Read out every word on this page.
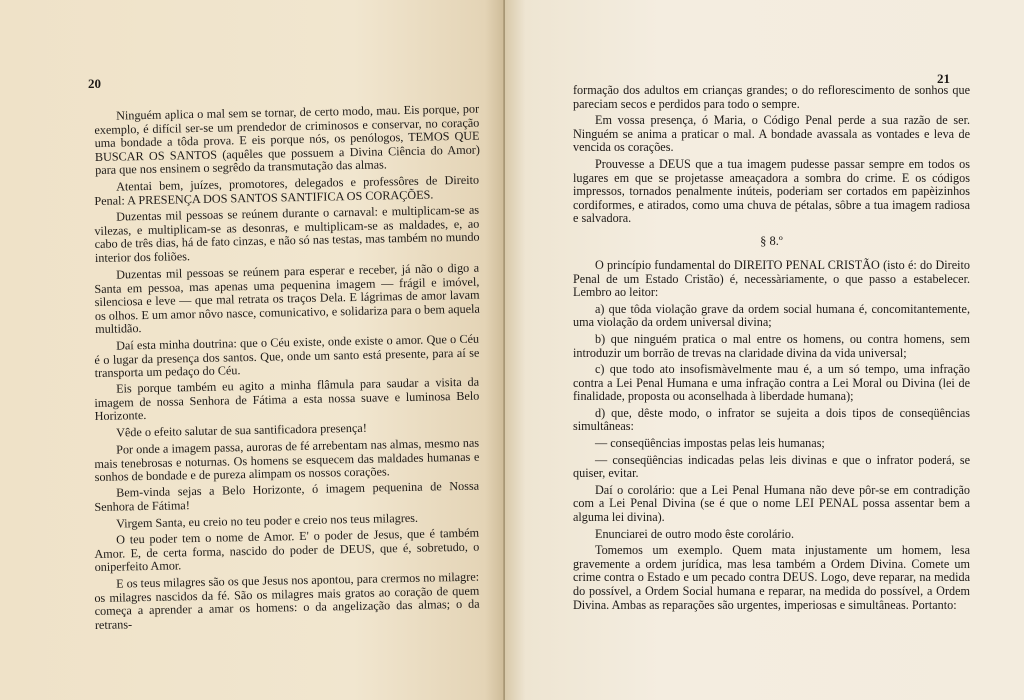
20

Ninguém aplica o mal sem se tornar, de certo modo, mau. Eis porque, por exemplo, é difícil ser-se um prendedor de criminosos e conservar, no coração uma bondade a tôda prova. E eis porque nós, os penólogos, TEMOS QUE BUSCAR OS SANTOS (aquêles que possuem a Divina Ciência do Amor) para que nos ensinem o segrêdo da transmutação das almas.

Atentai bem, juízes, promotores, delegados e professôres de Direito Penal: A PRESENÇA DOS SANTOS SANTIFICA OS CORAÇÕES.

Duzentas mil pessoas se reúnem durante o carnaval: e multiplicam-se as vilezas, e multiplicam-se as desonras, e multiplicam-se as maldades, e, ao cabo de três dias, há de fato cinzas, e não só nas testas, mas também no mundo interior dos foliões.

Duzentas mil pessoas se reúnem para esperar e receber, já não o digo a Santa em pessoa, mas apenas uma pequenina imagem — frágil e imóvel, silenciosa e leve — que mal retrata os traços Dela. E lágrimas de amor lavam os olhos. E um amor nôvo nasce, comunicativo, e solidariza para o bem aquela multidão.

Daí esta minha doutrina: que o Céu existe, onde existe o amor. Que o Céu é o lugar da presença dos santos. Que, onde um santo está presente, para aí se transporta um pedaço do Céu.

Eis porque também eu agito a minha flâmula para saudar a visita da imagem de nossa Senhora de Fátima a esta nossa suave e luminosa Belo Horizonte.

Vêde o efeito salutar de sua santificadora presença!

Por onde a imagem passa, auroras de fé arrebentam nas almas, mesmo nas mais tenebrosas e noturnas. Os homens se esquecem das maldades humanas e sonhos de bondade e de pureza alimpam os nossos corações.

Bem-vinda sejas a Belo Horizonte, ó imagem pequenina de Nossa Senhora de Fátima!

Virgem Santa, eu creio no teu poder e creio nos teus milagres.

O teu poder tem o nome de Amor. E' o poder de Jesus, que é também Amor. E, de certa forma, nascido do poder de DEUS, que é, sobretudo, o oniperfeito Amor.

E os teus milagres são os que Jesus nos apontou, para crermos no milagre: os milagres nascidos da fé. São os milagres mais gratos ao coração de quem começa a aprender a amar os homens: o da angelização das almas; o da retrans-

21

formação dos adultos em crianças grandes; o do reflorescimento de sonhos que pareciam secos e perdidos para todo o sempre.

Em vossa presença, ó Maria, o Código Penal perde a sua razão de ser. Ninguém se anima a praticar o mal. A bondade avassala as vontades e leva de vencida os corações.

Prouvesse a DEUS que a tua imagem pudesse passar sempre em todos os lugares em que se projetasse ameaçadora a sombra do crime. E os códigos impressos, tornados penalmente inúteis, poderiam ser cortados em papèizinhos cordiformes, e atirados, como uma chuva de pétalas, sôbre a tua imagem radiosa e salvadora.

§ 8.º

O princípio fundamental do DIREITO PENAL CRISTÃO (isto é: do Direito Penal de um Estado Cristão) é, necessàriamente, o que passo a estabelecer. Lembro ao leitor:

a) que tôda violação grave da ordem social humana é, concomitantemente, uma violação da ordem universal divina;

b) que ninguém pratica o mal entre os homens, ou contra homens, sem introduzir um borrão de trevas na claridade divina da vida universal;

c) que todo ato insofismàvelmente mau é, a um só tempo, uma infração contra a Lei Penal Humana e uma infração contra a Lei Moral ou Divina (lei de finalidade, proposta ou aconselhada à liberdade humana);

d) que, dêste modo, o infrator se sujeita a dois tipos de conseqüências simultâneas:

— conseqüências impostas pelas leis humanas;

— conseqüências indicadas pelas leis divinas e que o infrator poderá, se quiser, evitar.

Daí o corolário: que a Lei Penal Humana não deve pôr-se em contradição com a Lei Penal Divina (se é que o nome LEI PENAL possa assentar bem a alguma lei divina).

Enunciarei de outro modo êste corolário.

Tomemos um exemplo. Quem mata injustamente um homem, lesa gravemente a ordem jurídica, mas lesa também a Ordem Divina. Comete um crime contra o Estado e um pecado contra DEUS. Logo, deve reparar, na medida do possível, a Ordem Social humana e reparar, na medida do possível, a Ordem Divina. Ambas as reparações são urgentes, imperiosas e simultâneas. Portanto:
